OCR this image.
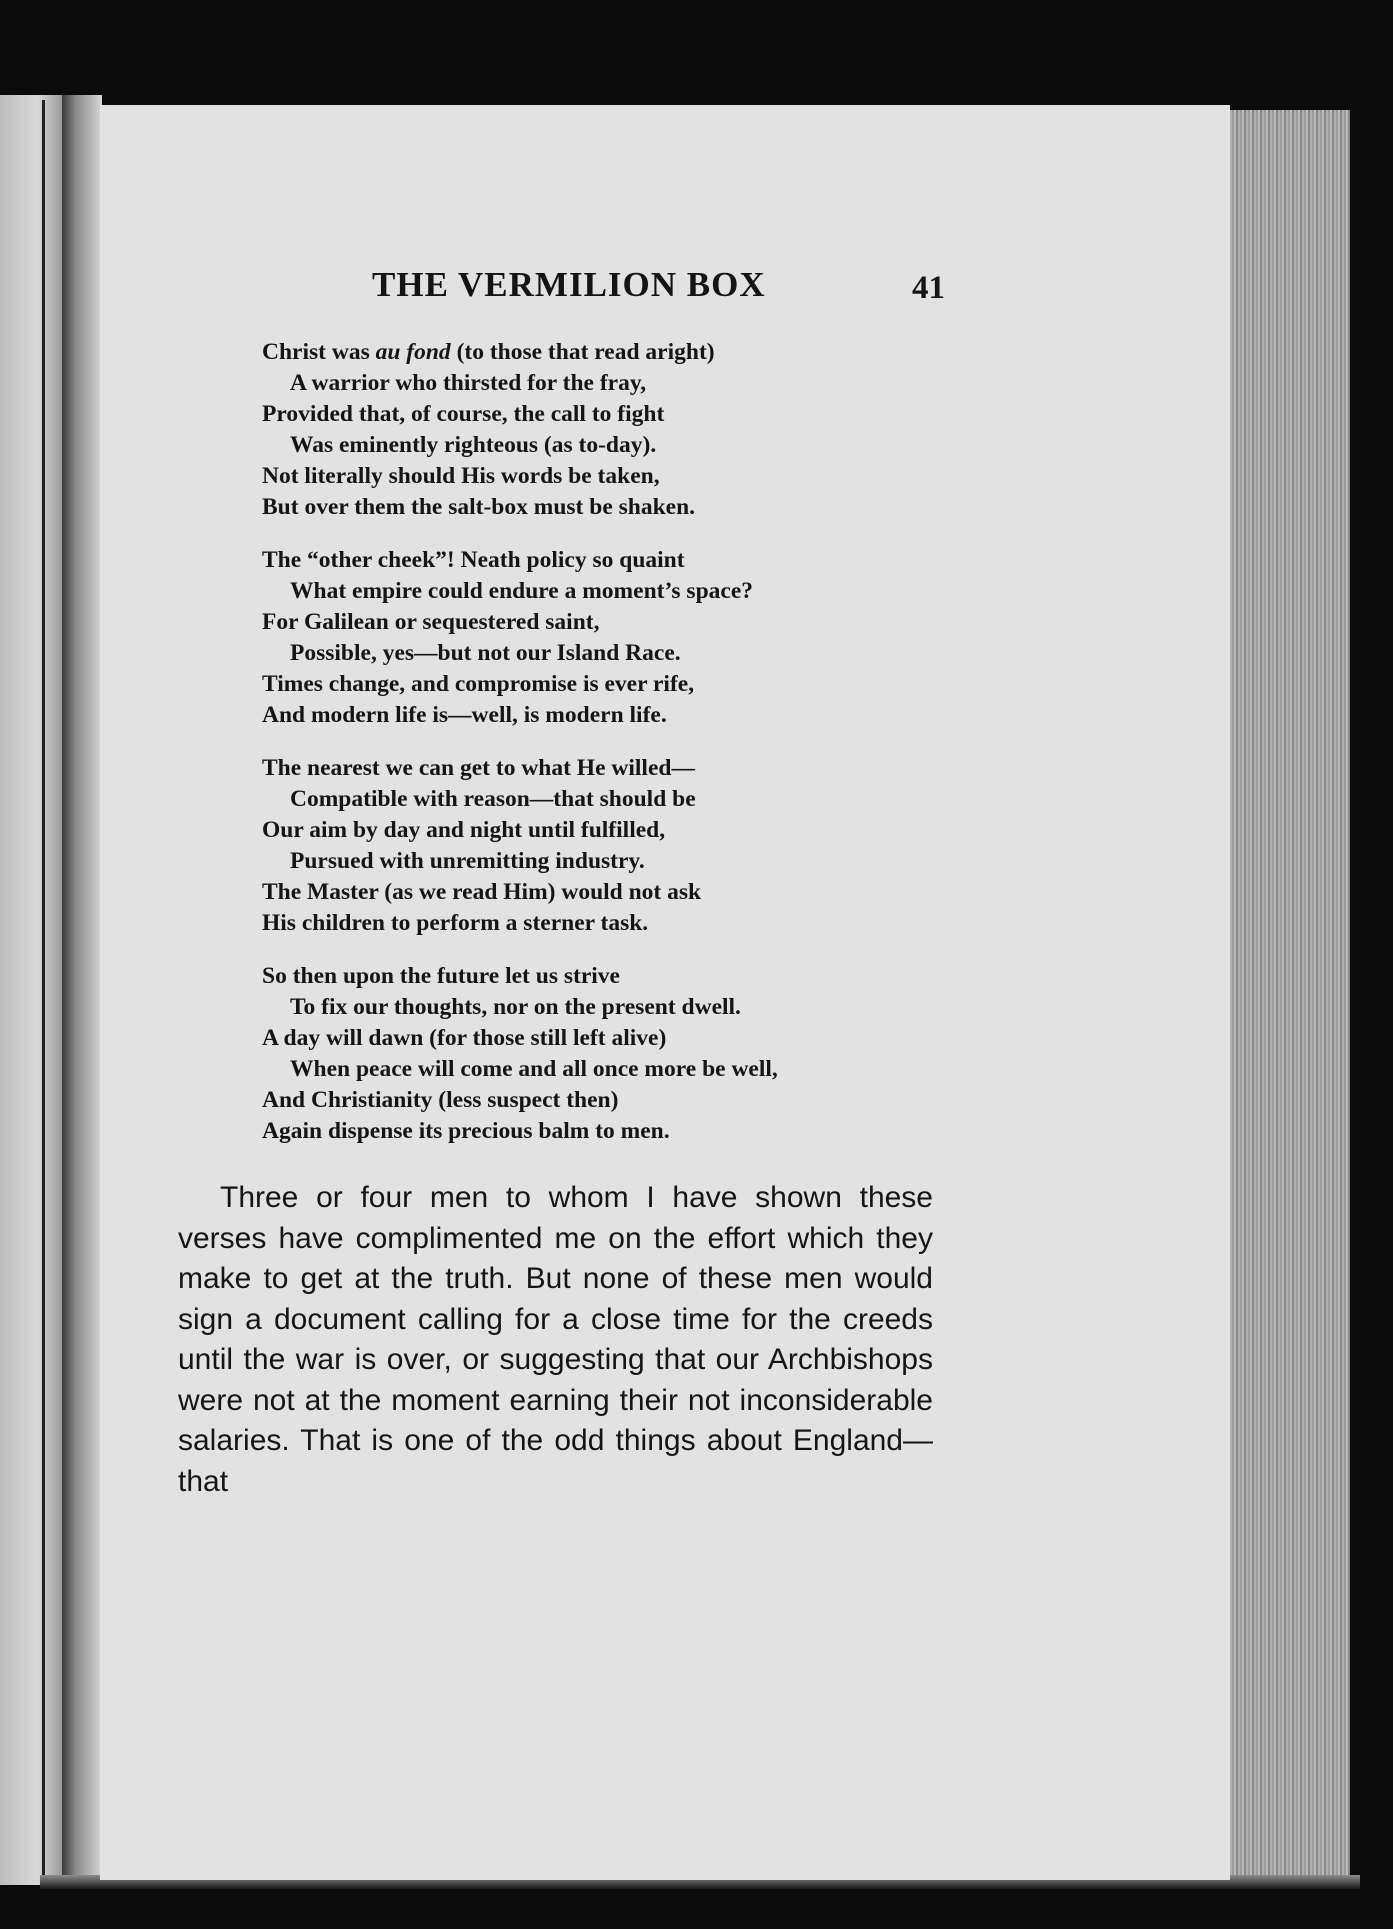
THE VERMILION BOX	41
Christ was au fond (to those that read aright)
A warrior who thirsted for the fray,
Provided that, of course, the call to fight
Was eminently righteous (as to-day).
Not literally should His words be taken,
But over them the salt-box must be shaken.
The “other cheek”! Neath policy so quaint
What empire could endure a moment’s space?
For Galilean or sequestered saint,
Possible, yes—but not our Island Race.
Times change, and compromise is ever rife,
And modern life is—well, is modern life.
The nearest we can get to what He willed—
Compatible with reason—that should be
Our aim by day and night until fulfilled,
Pursued with unremitting industry.
The Master (as we read Him) would not ask
His children to perform a sterner task.
So then upon the future let us strive
To fix our thoughts, nor on the present dwell.
A day will dawn (for those still left alive)
When peace will come and all once more be well,
And Christianity (less suspect then)
Again dispense its precious balm to men.

Three or four men to whom I have shown these verses have complimented me on the effort which they make to get at the truth. But none of these men would sign a document calling for a close time for the creeds until the war is over, or suggesting that our Archbishops were not at the moment earning their not inconsiderable salaries. That is one of the odd things about England—that
